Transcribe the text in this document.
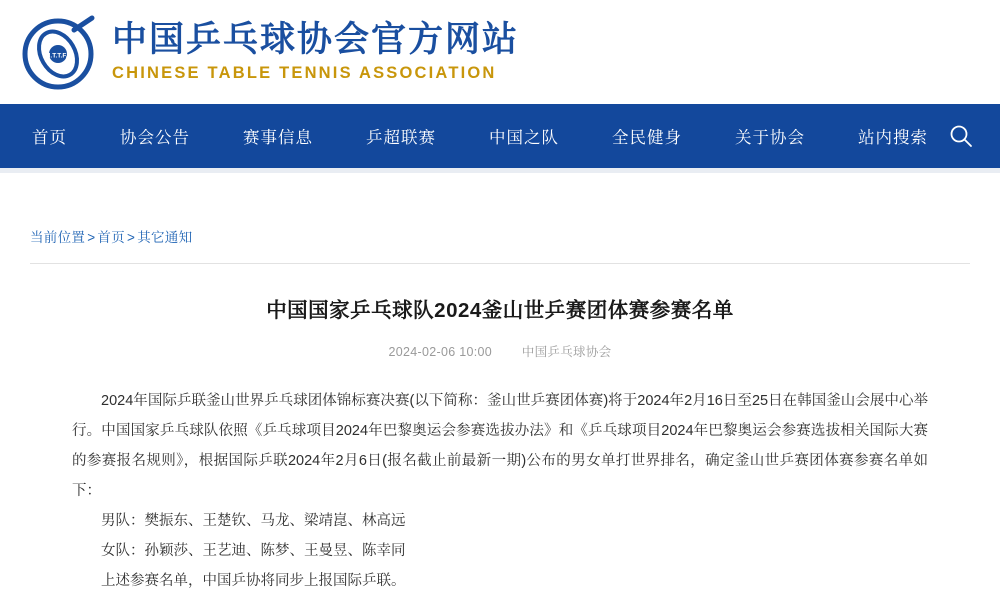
I.T.T.F. 中国乒乓球协会官方网站
CHINESE TABLE TENNIS ASSOCIATION
首页	协会公告	赛事信息	乒超联赛	中国之队	全民健身	关于协会	站内搜索
当前位置 > 首页 > 其它通知
中国国家乒乓球队2024釜山世乒赛团体赛参赛名单
2024-02-06 10:00 中国乒乓球协会

2024年国际乒联釜山世界乒乓球团体锦标赛决赛(以下简称：釜山世乒赛团体赛)将于2024年2月16日至25日在韩国釜山会展中心举行。中国国家乒乓球队依照《乒乓球项目2024年巴黎奥运会参赛选拔办法》和《乒乓球项目2024年巴黎奥运会参赛选拔相关国际大赛的参赛报名规则》，根据国际乒联2024年2月6日(报名截止前最新一期)公布的男女单打世界排名，确定釜山世乒赛团体赛参赛名单如下：

男队：樊振东、王楚钦、马龙、梁靖崑、林高远

女队：孙颖莎、王艺迪、陈梦、王曼昱、陈幸同

上述参赛名单，中国乒协将同步上报国际乒联。
